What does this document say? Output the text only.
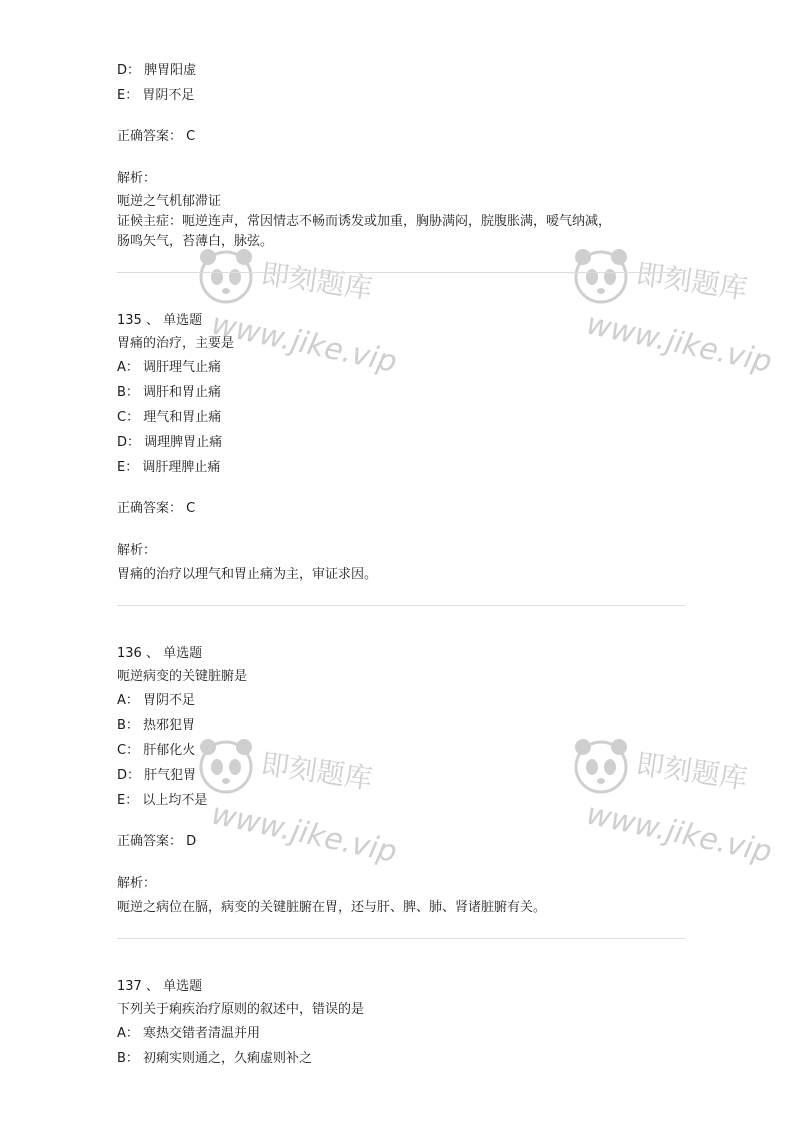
即刻题库
www.jike.vip
即刻题库
www.jike.vip
即刻题库
www.jike.vip
即刻题库
www.jike.vip
D： 脾胃阳虚
E： 胃阴不足
正确答案： C
解析：
呃逆之气机郁滞证
证候主症：呃逆连声，常因情志不畅而诱发或加重，胸胁满闷，脘腹胀满，嗳气纳减，
肠鸣矢气，苔薄白，脉弦。
135 、 单选题
胃痛的治疗，主要是
A： 调肝理气止痛
B： 调肝和胃止痛
C： 理气和胃止痛
D： 调理脾胃止痛
E： 调肝理脾止痛
正确答案： C
解析：
胃痛的治疗以理气和胃止痛为主，审证求因。
136 、 单选题
呃逆病变的关键脏腑是
A： 胃阴不足
B： 热邪犯胃
C： 肝郁化火
D： 肝气犯胃
E： 以上均不是
正确答案： D
解析：
呃逆之病位在膈，病变的关键脏腑在胃，还与肝、脾、肺、肾诸脏腑有关。
137 、 单选题
下列关于痢疾治疗原则的叙述中，错误的是
A： 寒热交错者清温并用
B： 初痢实则通之，久痢虚则补之
